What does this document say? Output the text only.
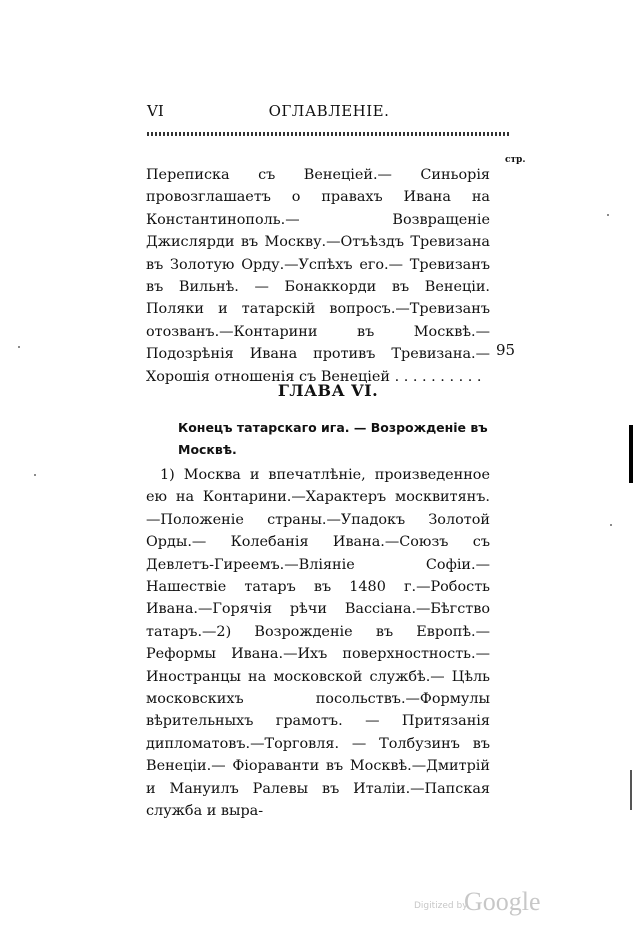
VI	ОГЛАВЛЕНІЕ.
стр.

Переписка съ Венеціей.— Синьорія провозглашаетъ о правахъ Ивана на Константинополь.— Возвращеніе Джислярди въ Москву.—Отъѣздъ Тревизана въ Золотую Орду.—Успѣхъ его.— Тревизанъ въ Вильнѣ. — Бонаккорди въ Венеціи. Поляки и татарскій вопросъ.—Тревизанъ отозванъ.—Контарини въ Москвѣ.—Подозрѣнія Ивана противъ Тревизана.—Хорошія отношенія съ Венеціей . . . . . . . . . .

95
ГЛАВА VI.

Конецъ татарскаго ига. — Возрожденіе въ Москвѣ.

1) Москва и впечатлѣніе, произведенное ею на Контарини.—Характеръ москвитянъ.—Положеніе страны.—Упадокъ Золотой Орды.— Колебанія Ивана.—Союзъ съ Девлетъ-Гиреемъ.—Вліяніе Софіи.—Нашествіе татаръ въ 1480 г.—Робость Ивана.—Горячія рѣчи Вассіана.—Бѣгство татаръ.—2) Возрожденіе въ Европѣ.—Реформы Ивана.—Ихъ поверхностность.—Иностранцы на московской службѣ.— Цѣль московскихъ посольствъ.—Формулы вѣрительныхъ грамотъ. — Притязанія дипломатовъ.—Торговля. — Толбузинъ въ Венеціи.— Фіораванти въ Москвѣ.—Дмитрій и Мануилъ Ралевы въ Италіи.—Папская служба и выра-

Digitized by
Google
